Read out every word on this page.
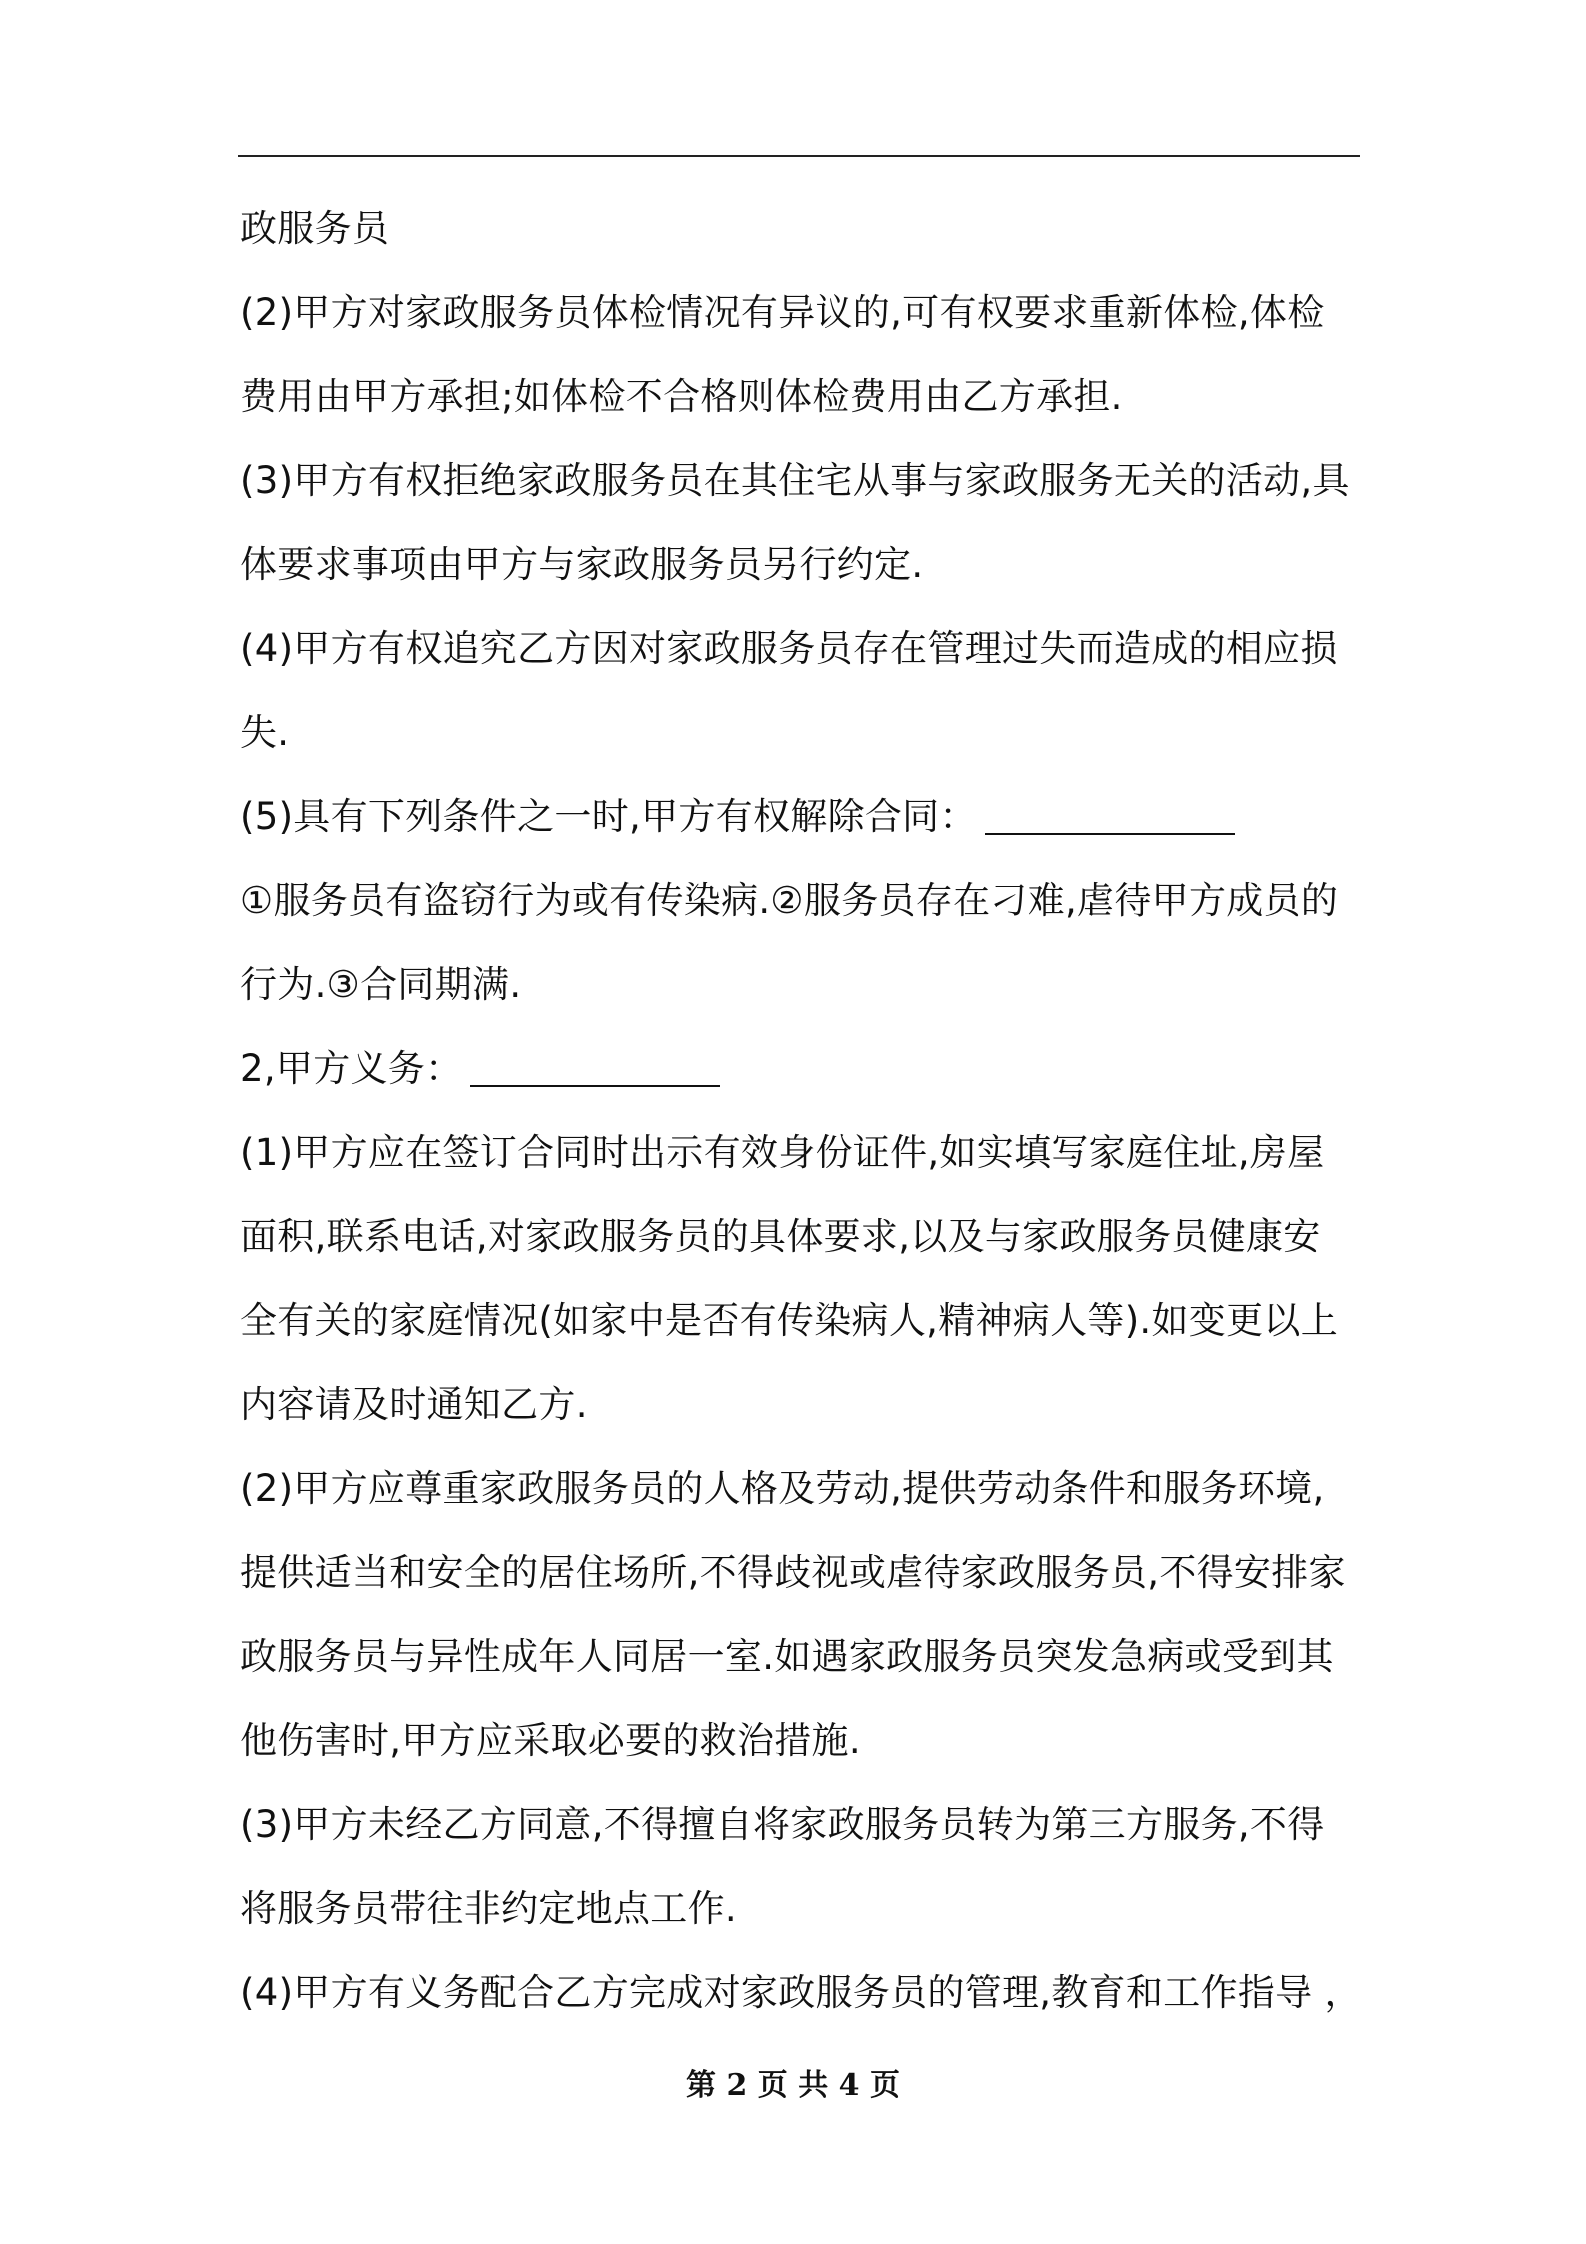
政服务员
(2)甲方对家政服务员体检情况有异议的,可有权要求重新体检,体检
费用由甲方承担;如体检不合格则体检费用由乙方承担.
(3)甲方有权拒绝家政服务员在其住宅从事与家政服务无关的活动,具
体要求事项由甲方与家政服务员另行约定.
(4)甲方有权追究乙方因对家政服务员存在管理过失而造成的相应损
失.
(5)具有下列条件之一时,甲方有权解除合同：
①服务员有盗窃行为或有传染病.②服务员存在刁难,虐待甲方成员的
行为.③合同期满.
2,甲方义务：
(1)甲方应在签订合同时出示有效身份证件,如实填写家庭住址,房屋
面积,联系电话,对家政服务员的具体要求,以及与家政服务员健康安
全有关的家庭情况(如家中是否有传染病人,精神病人等).如变更以上
内容请及时通知乙方.
(2)甲方应尊重家政服务员的人格及劳动,提供劳动条件和服务环境,
提供适当和安全的居住场所,不得歧视或虐待家政服务员,不得安排家
政服务员与异性成年人同居一室.如遇家政服务员突发急病或受到其
他伤害时,甲方应采取必要的救治措施.
(3)甲方未经乙方同意,不得擅自将家政服务员转为第三方服务,不得
将服务员带往非约定地点工作.
(4)甲方有义务配合乙方完成对家政服务员的管理,教育和工作指导 ，
第 2 页 共 4 页
